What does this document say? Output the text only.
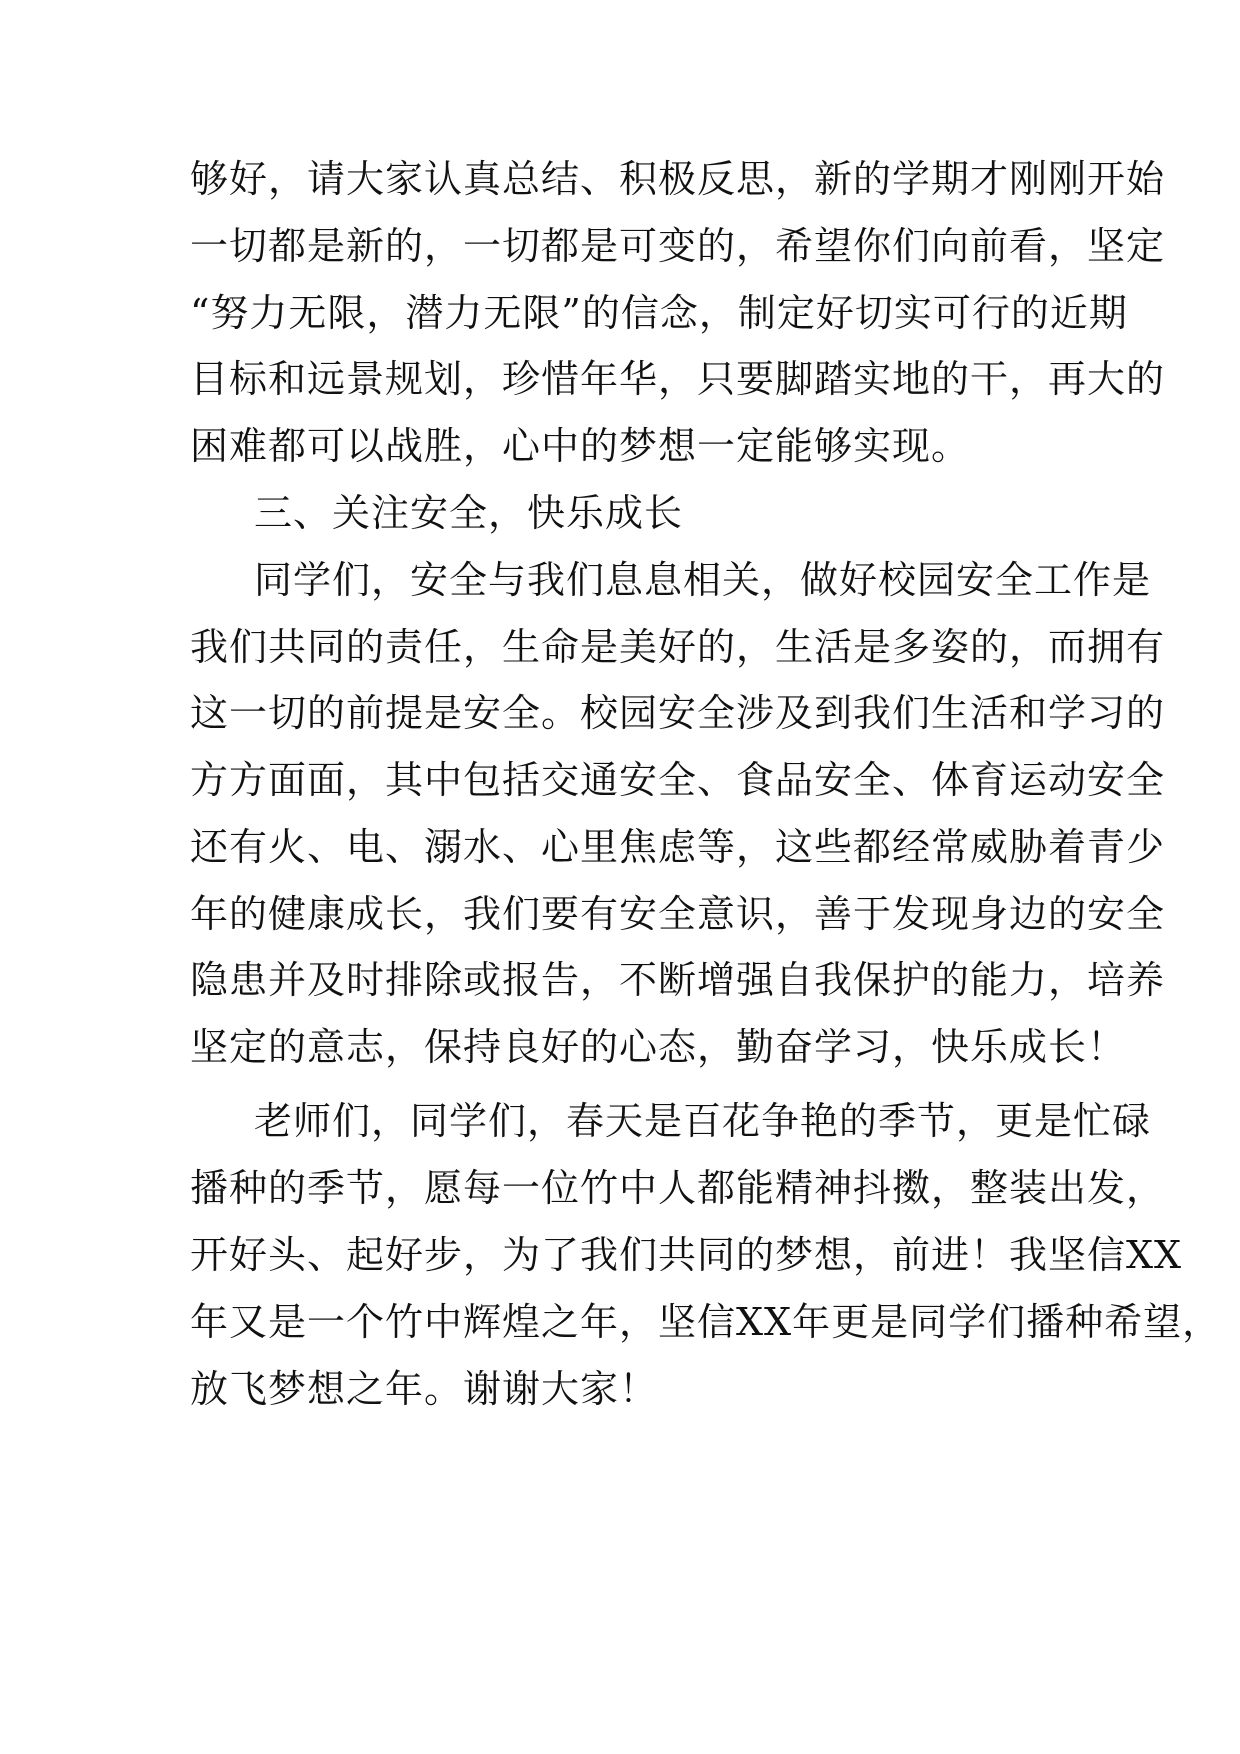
够好，请大家认真总结、积极反思，新的学期才刚刚开始
一切都是新的，一切都是可变的，希望你们向前看，坚定
“努力无限，潜力无限”的信念，制定好切实可行的近期
目标和远景规划，珍惜年华，只要脚踏实地的干，再大的
困难都可以战胜，心中的梦想一定能够实现。
三、关注安全，快乐成长
同学们，安全与我们息息相关，做好校园安全工作是
我们共同的责任，生命是美好的，生活是多姿的，而拥有
这一切的前提是安全。校园安全涉及到我们生活和学习的
方方面面，其中包括交通安全、食品安全、体育运动安全
还有火、电、溺水、心里焦虑等，这些都经常威胁着青少
年的健康成长，我们要有安全意识，善于发现身边的安全
隐患并及时排除或报告，不断增强自我保护的能力，培养
坚定的意志，保持良好的心态，勤奋学习，快乐成长！
老师们，同学们，春天是百花争艳的季节，更是忙碌
播种的季节，愿每一位竹中人都能精神抖擞，整装出发，
开好头、起好步，为了我们共同的梦想，前进！我坚信XX
年又是一个竹中辉煌之年，坚信XX年更是同学们播种希望，
放飞梦想之年。谢谢大家！
